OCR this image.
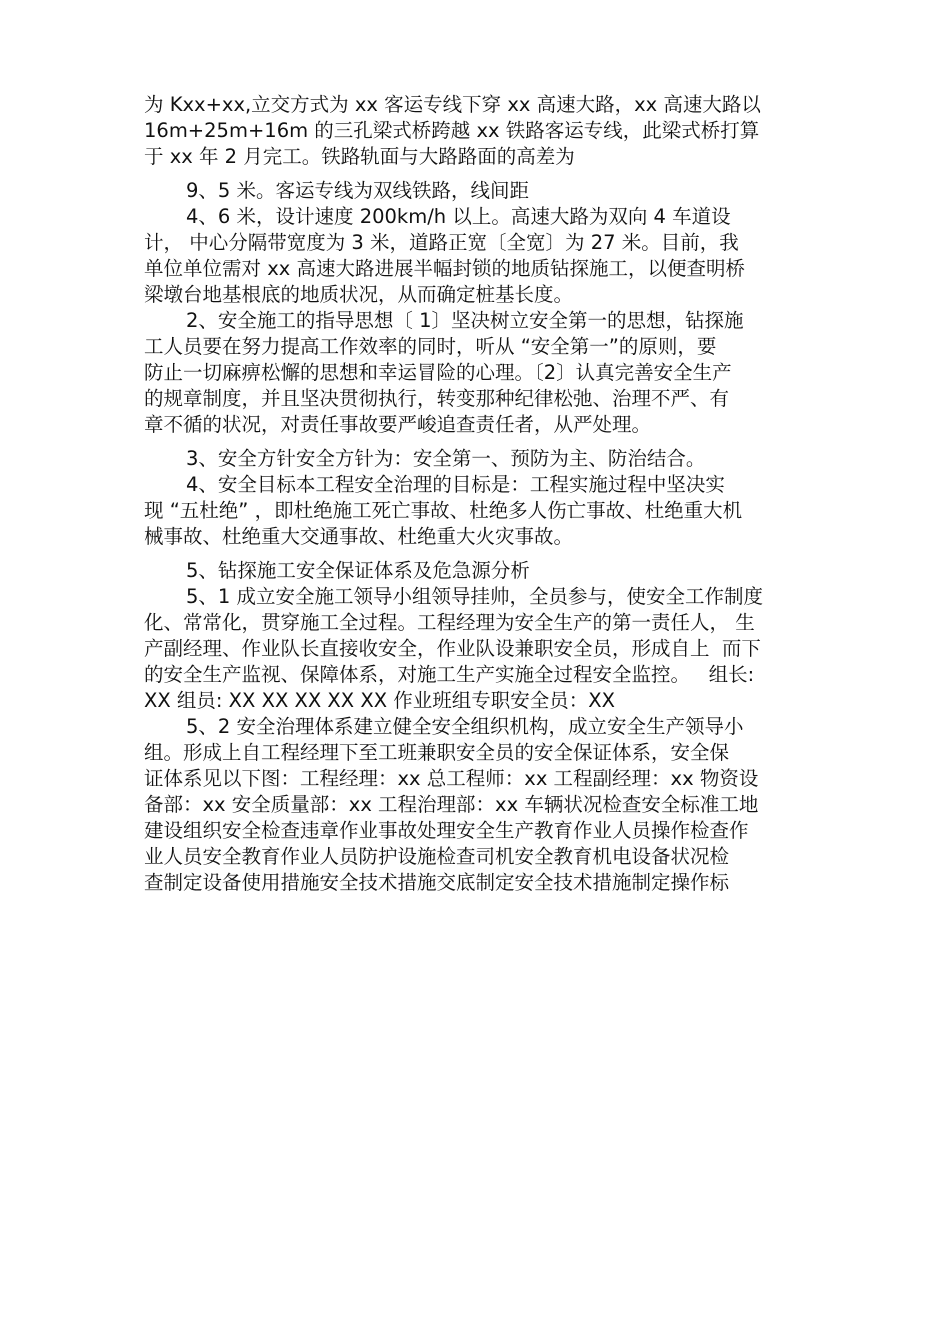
为 Kxx+xx,立交方式为 xx 客运专线下穿 xx 高速大路，xx 高速大路以
16m+25m+16m 的三孔梁式桥跨越 xx 铁路客运专线，此梁式桥打算
于 xx 年 2 月完工。铁路轨面与大路路面的高差为
9、5 米。客运专线为双线铁路，线间距
4、6 米，设计速度 200km/h 以上。高速大路为双向 4 车道设
计， 中心分隔带宽度为 3 米，道路正宽〔全宽〕为 27 米。目前，我
单位单位需对 xx 高速大路进展半幅封锁的地质钻探施工，以便查明桥
梁墩台地基根底的地质状况，从而确定桩基长度。
2、安全施工的指导思想〔 1〕坚决树立安全第一的思想，钻探施
工人员要在努力提高工作效率的同时，听从 “安全第一”的原则，要
防止一切麻痹松懈的思想和幸运冒险的心理。〔2〕认真完善安全生产
的规章制度，并且坚决贯彻执行，转变那种纪律松弛、治理不严、有
章不循的状况，对责任事故要严峻追查责任者，从严处理。
3、安全方针安全方针为：安全第一、预防为主、防治结合。
4、安全目标本工程安全治理的目标是：工程实施过程中坚决实
现 “五杜绝” ，即杜绝施工死亡事故、杜绝多人伤亡事故、杜绝重大机
械事故、杜绝重大交通事故、杜绝重大火灾事故。
5、钻探施工安全保证体系及危急源分析
5、1 成立安全施工领导小组领导挂帅，全员参与，使安全工作制度
化、常常化，贯穿施工全过程。工程经理为安全生产的第一责任人， 生
产副经理、作业队长直接收安全，作业队设兼职安全员，形成自上  而下
的安全生产监视、保障体系，对施工生产实施全过程安全监控。   组长:
XX 组员: XX XX XX XX XX 作业班组专职安全员：XX
5、2 安全治理体系建立健全安全组织机构，成立安全生产领导小
组。形成上自工程经理下至工班兼职安全员的安全保证体系，安全保
证体系见以下图：工程经理：xx 总工程师：xx 工程副经理：xx 物资设
备部：xx 安全质量部：xx 工程治理部：xx 车辆状况检查安全标准工地
建设组织安全检查违章作业事故处理安全生产教育作业人员操作检查作
业人员安全教育作业人员防护设施检查司机安全教育机电设备状况检
查制定设备使用措施安全技术措施交底制定安全技术措施制定操作标
